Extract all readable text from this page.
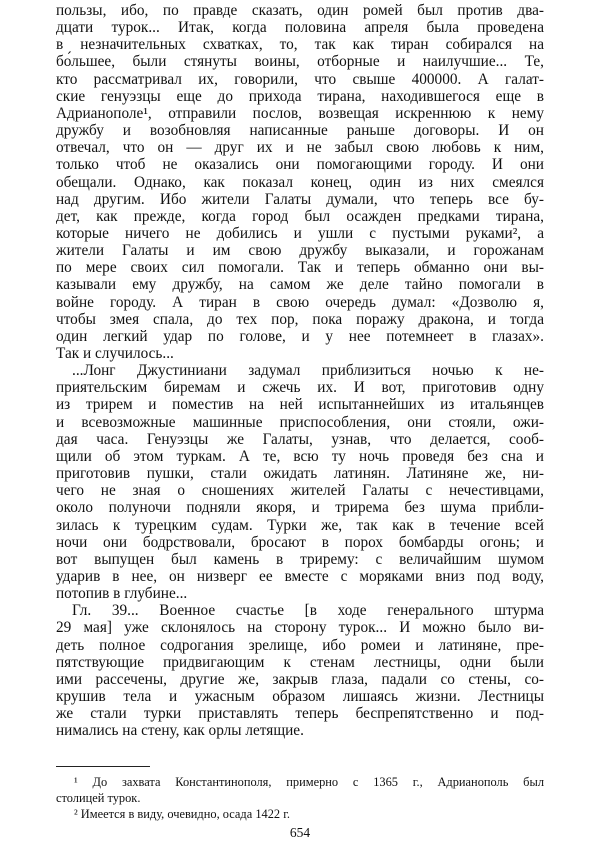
пользы, ибо, по правде сказать, один ромей был против два-
дцати турок... Итак, когда половина апреля была проведена
в незначительных схватках, то, так как тиран собирался на
бо́льшее, были стянуты воины, отборные и наилучшие... Те,
кто рассматривал их, говорили, что свыше 400000. А галат-
ские генуэзцы еще до прихода тирана, находившегося еще в
Адрианополе¹, отправили послов, возвещая искреннюю к нему
дружбу и возобновляя написанные раньше договоры. И он
отвечал, что он — друг их и не забыл свою любовь к ним,
только чтоб не оказались они помогающими городу. И они
обещали. Однако, как показал конец, один из них смеялся
над другим. Ибо жители Галаты думали, что теперь все бу-
дет, как прежде, когда город был осажден предками тирана,
которые ничего не добились и ушли с пустыми руками², а
жители Галаты и им свою дружбу выказали, и горожанам
по мере своих сил помогали. Так и теперь обманно они вы-
казывали ему дружбу, на самом же деле тайно помогали в
войне городу. А тиран в свою очередь думал: «Дозволю я,
чтобы змея спала, до тех пор, пока поражу дракона, и тогда
один легкий удар по голове, и у нее потемнеет в глазах».
Так и случилось...
...Лонг Джустиниани задумал приблизиться ночью к не-
приятельским биремам и сжечь их. И вот, приготовив одну
из трирем и поместив на ней испытаннейших из итальянцев
и всевозможные машинные приспособления, они стояли, ожи-
дая часа. Генуэзцы же Галаты, узнав, что делается, сооб-
щили об этом туркам. А те, всю ту ночь проведя без сна и
приготовив пушки, стали ожидать латинян. Латиняне же, ни-
чего не зная о сношениях жителей Галаты с нечестивцами,
около полуночи подняли якоря, и трирема без шума прибли-
зилась к турецким судам. Турки же, так как в течение всей
ночи они бодрствовали, бросают в порох бомбарды огонь; и
вот выпущен был камень в трирему: с величайшим шумом
ударив в нее, он низверг ее вместе с моряками вниз под воду,
потопив в глубине...
Гл. 39... Военное счастье [в ходе генерального штурма
29 мая] уже склонялось на сторону турок... И можно было ви-
деть полное содрогания зрелище, ибо ромеи и латиняне, пре-
пятствующие придвигающим к стенам лестницы, одни были
ими рассечены, другие же, закрыв глаза, падали со стены, со-
крушив тела и ужасным образом лишаясь жизни. Лестницы
же стали турки приставлять теперь беспрепятственно и под-
нимались на стену, как орлы летящие.
¹ До захвата Константинополя, примерно с 1365 г., Адрианополь был
столицей турок.
² Имеется в виду, очевидно, осада 1422 г.
654
